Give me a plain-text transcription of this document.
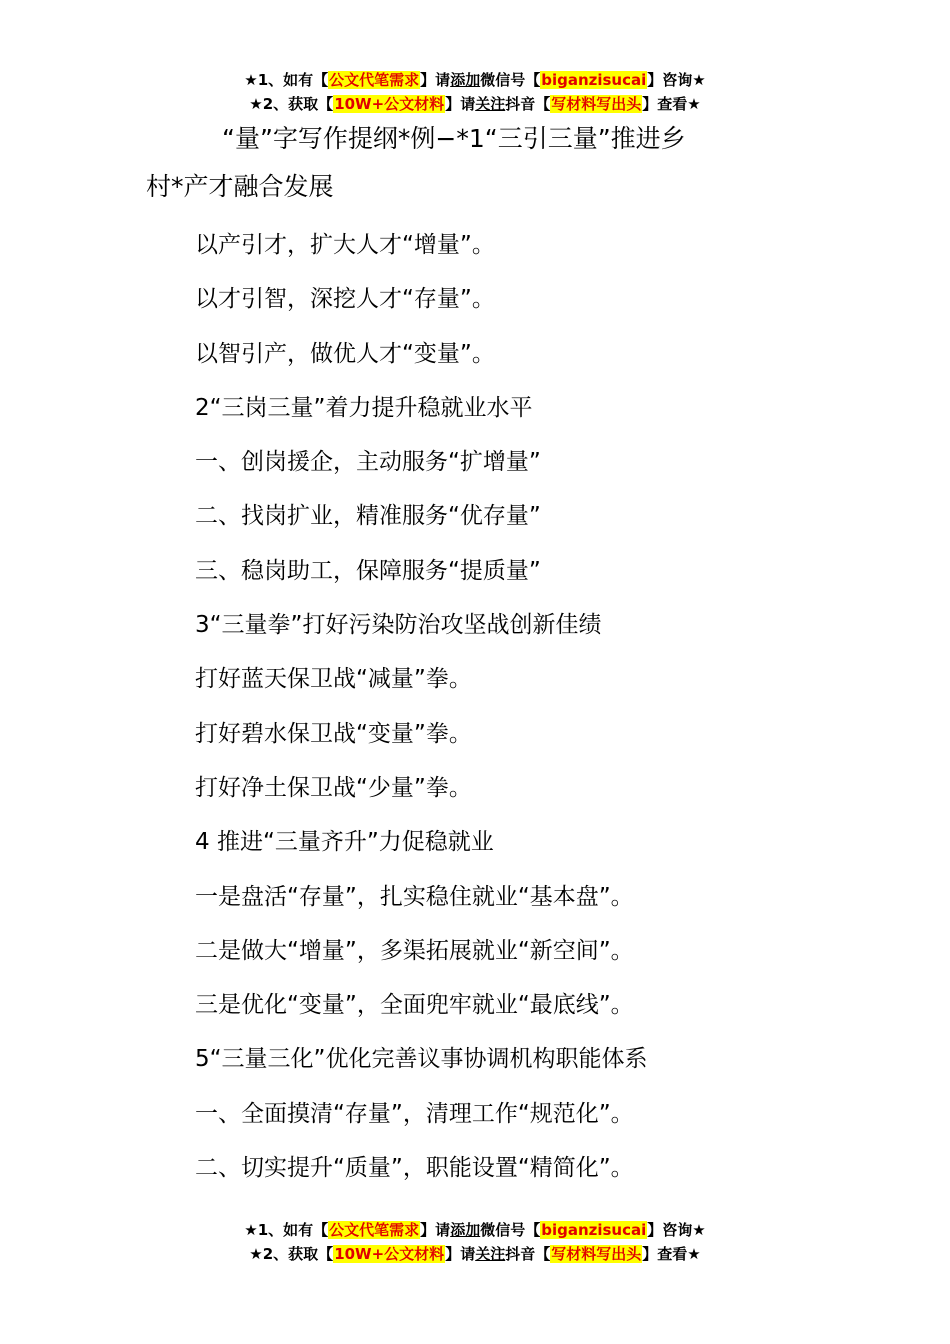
★1、如有【公文代笔需求】请添加微信号【biganzisucai】咨询★
★2、获取【10W+公文材料】请关注抖音【写材料写出头】查看★
“量”字写作提纲*例−*1“三引三量”推进乡
村*产才融合发展
以产引才，扩大人才“增量”。
以才引智，深挖人才“存量”。
以智引产，做优人才“变量”。
2“三岗三量”着力提升稳就业水平
一、创岗援企，主动服务“扩增量”
二、找岗扩业，精准服务“优存量”
三、稳岗助工，保障服务“提质量”
3“三量拳”打好污染防治攻坚战创新佳绩
打好蓝天保卫战“减量”拳。
打好碧水保卫战“变量”拳。
打好净土保卫战“少量”拳。
4 推进“三量齐升”力促稳就业
一是盘活“存量”，扎实稳住就业“基本盘”。
二是做大“增量”，多渠拓展就业“新空间”。
三是优化“变量”，全面兜牢就业“最底线”。
5“三量三化”优化完善议事协调机构职能体系
一、全面摸清“存量”，清理工作“规范化”。
二、切实提升“质量”，职能设置“精简化”。
★1、如有【公文代笔需求】请添加微信号【biganzisucai】咨询★
★2、获取【10W+公文材料】请关注抖音【写材料写出头】查看★
